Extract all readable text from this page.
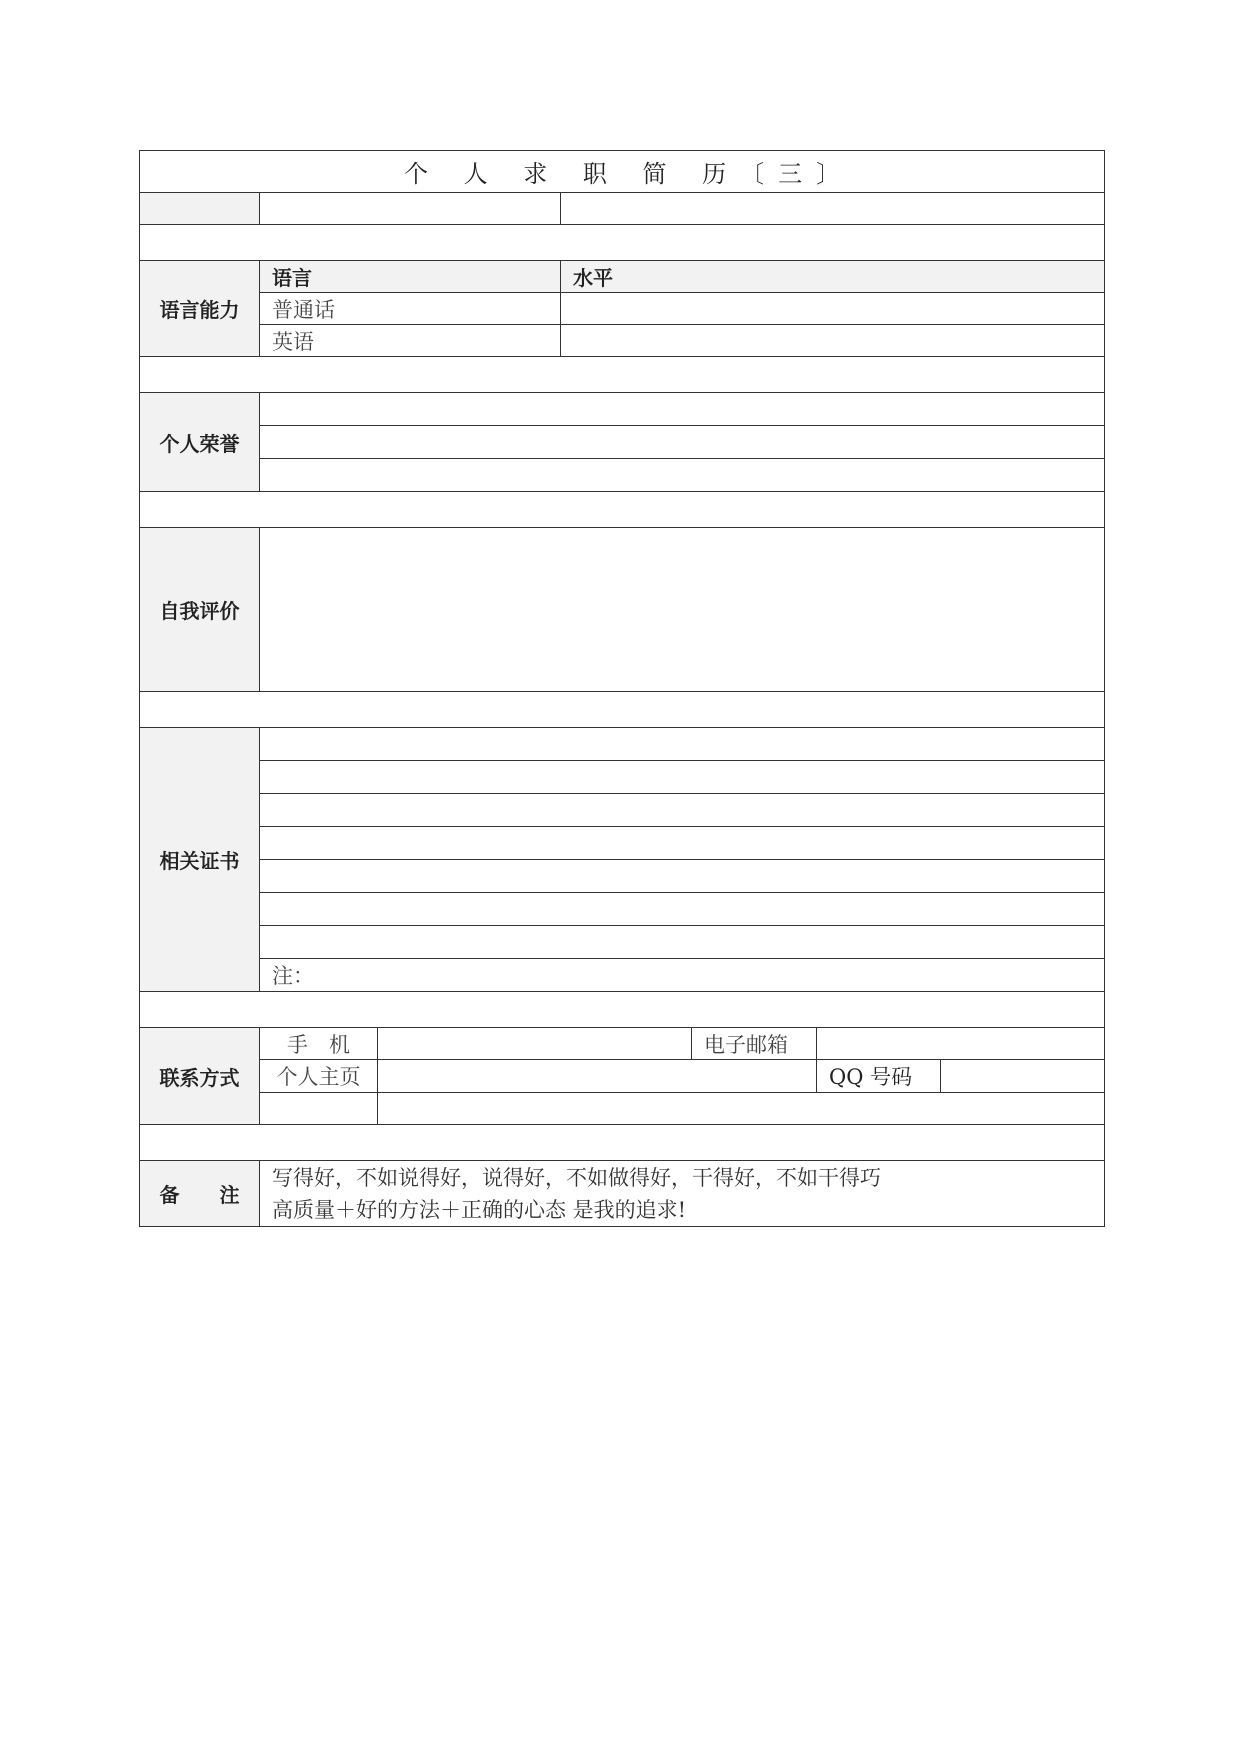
个 人 求 职 简 历〔三〕					

语言能力	语言		水平		
	普通话				
	英语				

个人荣誉					

自我评价					

相关证书					

	注：				

联系方式	手　机			电子邮箱	
	个人主页				QQ 号码

备　　注	写得好，不如说得好，说得好，不如做得好，干得好，不如干得巧
高质量＋好的方法＋正确的心态 是我的追求!				
